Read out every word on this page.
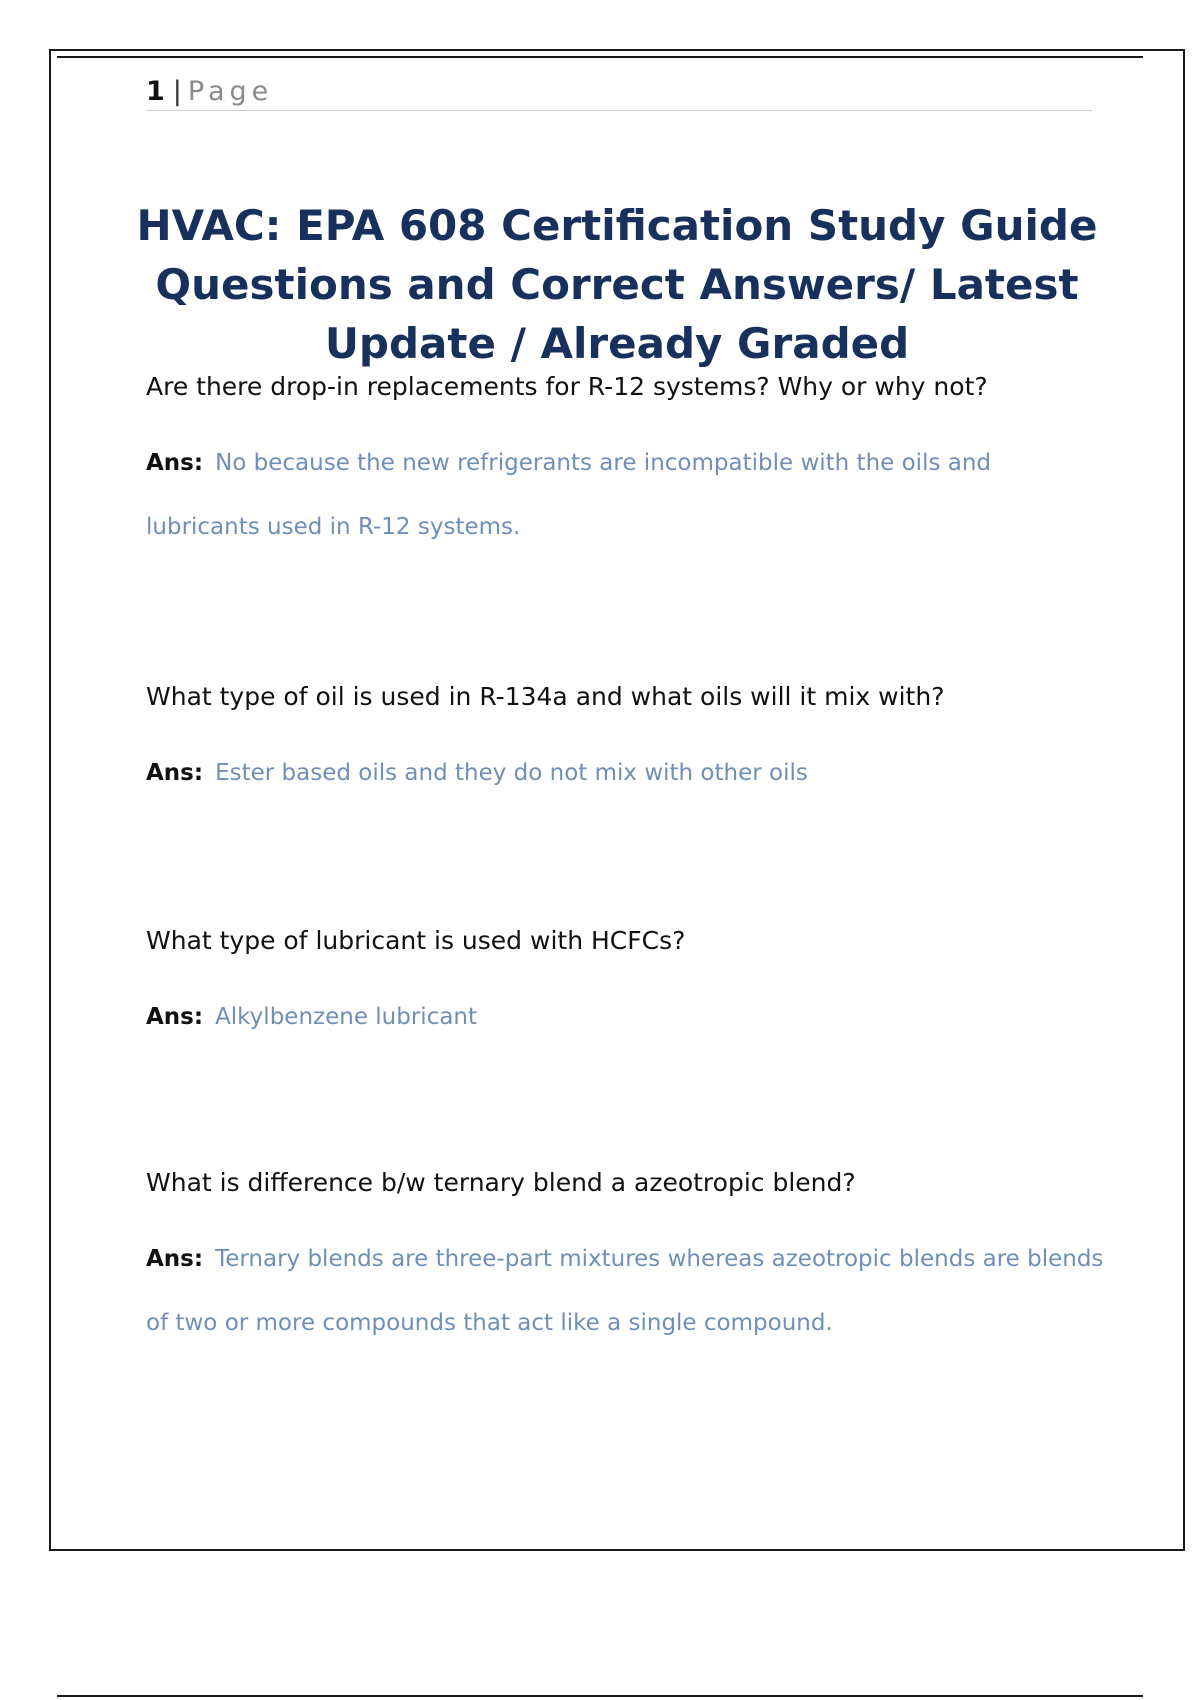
1 | Page
HVAC: EPA 608 Certification Study Guide Questions and Correct Answers/ Latest Update / Already Graded

Are there drop-in replacements for R-12 systems? Why or why not?

Ans: No because the new refrigerants are incompatible with the oils and lubricants used in R-12 systems.

What type of oil is used in R-134a and what oils will it mix with?

Ans: Ester based oils and they do not mix with other oils

What type of lubricant is used with HCFCs?

Ans: Alkylbenzene lubricant

What is difference b/w ternary blend a azeotropic blend?

Ans: Ternary blends are three-part mixtures whereas azeotropic blends are blends of two or more compounds that act like a single compound.
